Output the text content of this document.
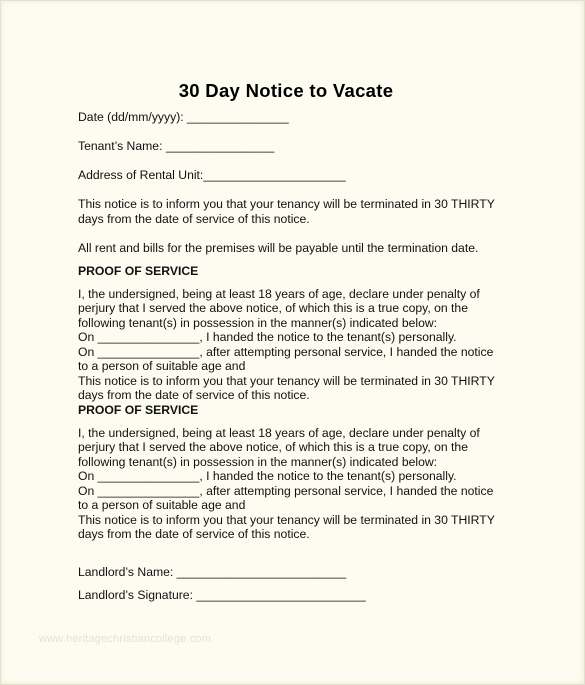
30 Day Notice to Vacate
Date (dd/mm/yyyy): _______________
Tenant’s Name: ________________
Address of Rental Unit:_____________________
This notice is to inform you that your tenancy will be terminated in 30 THIRTY
days from the date of service of this notice.
All rent and bills for the premises will be payable until the termination date.
PROOF OF SERVICE
I, the undersigned, being at least 18 years of age, declare under penalty of
perjury that I served the above notice, of which this is a true copy, on the
following tenant(s) in possession in the manner(s) indicated below:
On _______________, I handed the notice to the tenant(s) personally.
On _______________, after attempting personal service, I handed the notice
to a person of suitable age and
This notice is to inform you that your tenancy will be terminated in 30 THIRTY
days from the date of service of this notice.
PROOF OF SERVICE
I, the undersigned, being at least 18 years of age, declare under penalty of
perjury that I served the above notice, of which this is a true copy, on the
following tenant(s) in possession in the manner(s) indicated below:
On _______________, I handed the notice to the tenant(s) personally.
On _______________, after attempting personal service, I handed the notice
to a person of suitable age and
This notice is to inform you that your tenancy will be terminated in 30 THIRTY
days from the date of service of this notice.
Landlord’s Name: _________________________
Landlord’s Signature: _________________________
www.heritagechristiancollege.com
